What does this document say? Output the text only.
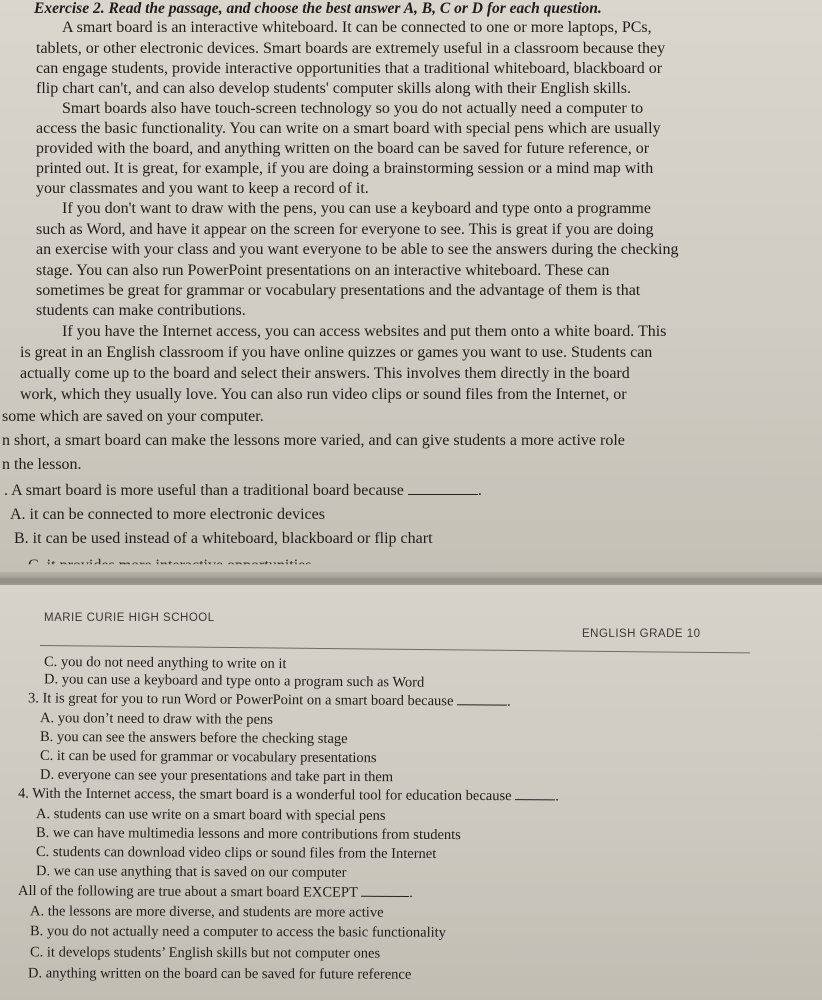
Exercise 2. Read the passage, and choose the best answer A, B, C or D for each question.
A smart board is an interactive whiteboard. It can be connected to one or more laptops, PCs,
tablets, or other electronic devices. Smart boards are extremely useful in a classroom because they
can engage students, provide interactive opportunities that a traditional whiteboard, blackboard or
flip chart can't, and can also develop students' computer skills along with their English skills.
Smart boards also have touch-screen technology so you do not actually need a computer to
access the basic functionality. You can write on a smart board with special pens which are usually
provided with the board, and anything written on the board can be saved for future reference, or
printed out. It is great, for example, if you are doing a brainstorming session or a mind map with
your classmates and you want to keep a record of it.
If you don't want to draw with the pens, you can use a keyboard and type onto a programme
such as Word, and have it appear on the screen for everyone to see. This is great if you are doing
an exercise with your class and you want everyone to be able to see the answers during the checking
stage. You can also run PowerPoint presentations on an interactive whiteboard. These can
sometimes be great for grammar or vocabulary presentations and the advantage of them is that
students can make contributions.
If you have the Internet access, you can access websites and put them onto a white board. This
is great in an English classroom if you have online quizzes or games you want to use. Students can
actually come up to the board and select their answers. This involves them directly in the board
work, which they usually love. You can also run video clips or sound files from the Internet, or
some which are saved on your computer.
n short, a smart board can make the lessons more varied, and can give students a more active role
n the lesson.
. A smart board is more useful than a traditional board because	.
A. it can be connected to more electronic devices
B. it can be used instead of a whiteboard, blackboard or flip chart
MARIE CURIE HIGH SCHOOL
ENGLISH GRADE 10
C. you do not need anything to write on it
D. you can use a keyboard and type onto a program such as Word
3. It is great for you to run Word or PowerPoint on a smart board because	.
A. you don’t need to draw with the pens
B. you can see the answers before the checking stage
C. it can be used for grammar or vocabulary presentations
D. everyone can see your presentations and take part in them
4. With the Internet access, the smart board is a wonderful tool for education because	.
A. students can use write on a smart board with special pens
B. we can have multimedia lessons and more contributions from students
C. students can download video clips or sound files from the Internet
D. we can use anything that is saved on our computer
All of the following are true about a smart board EXCEPT	.
A. the lessons are more diverse, and students are more active
B. you do not actually need a computer to access the basic functionality
C. it develops students’ English skills but not computer ones
D. anything written on the board can be saved for future reference
